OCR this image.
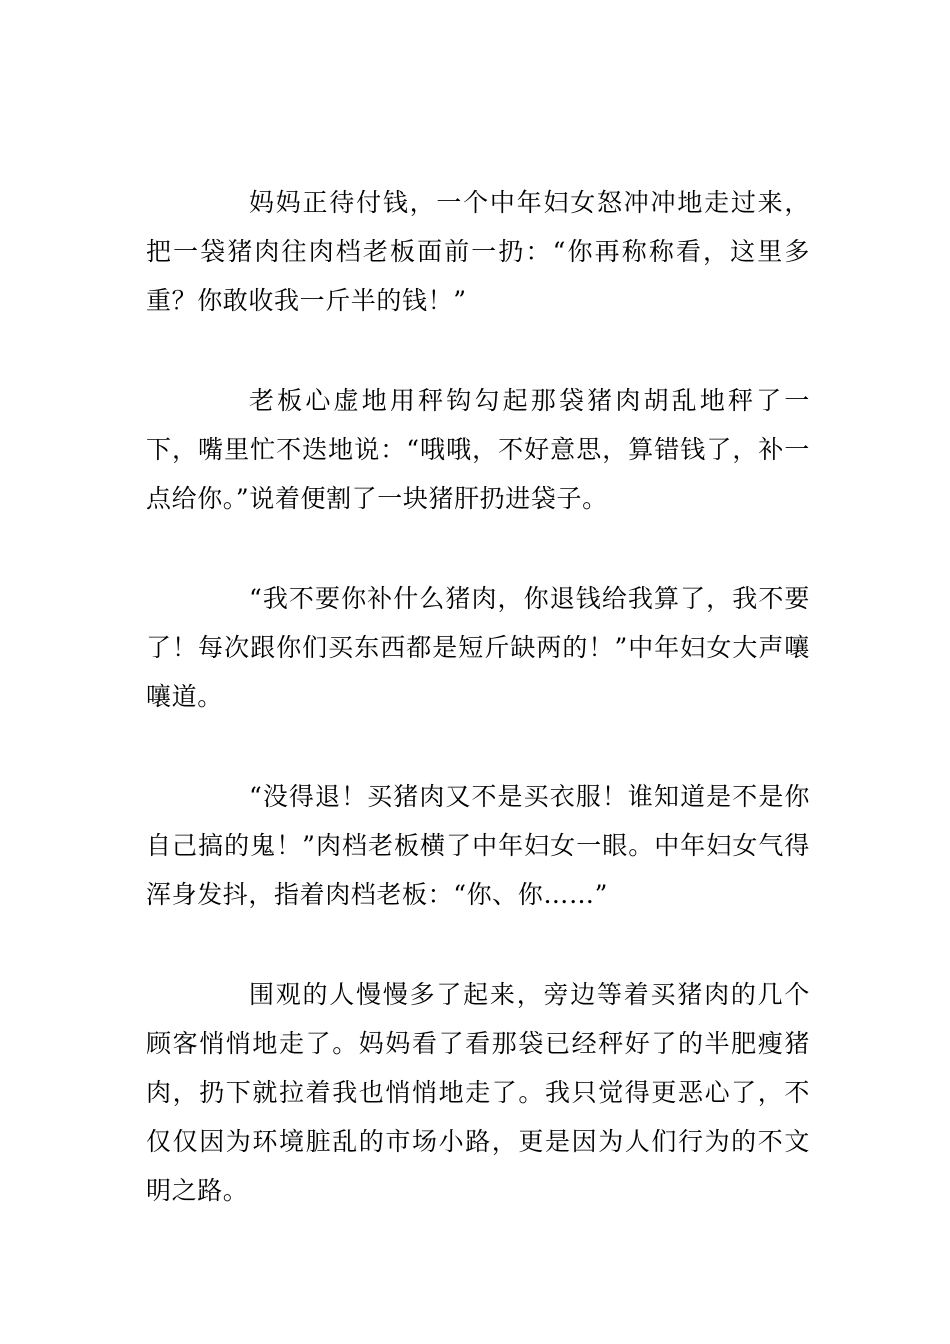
妈妈正待付钱，一个中年妇女怒冲冲地走过来，把一袋猪肉往肉档老板面前一扔：“你再称称看，这里多重？你敢收我一斤半的钱！”

老板心虚地用秤钩勾起那袋猪肉胡乱地秤了一下，嘴里忙不迭地说：“哦哦，不好意思，算错钱了，补一点给你。”说着便割了一块猪肝扔进袋子。

“我不要你补什么猪肉，你退钱给我算了，我不要了！每次跟你们买东西都是短斤缺两的！”中年妇女大声嚷嚷道。

“没得退！买猪肉又不是买衣服！谁知道是不是你自己搞的鬼！”肉档老板横了中年妇女一眼。中年妇女气得浑身发抖，指着肉档老板：“你、你……”

围观的人慢慢多了起来，旁边等着买猪肉的几个顾客悄悄地走了。妈妈看了看那袋已经秤好了的半肥瘦猪肉，扔下就拉着我也悄悄地走了。我只觉得更恶心了，不仅仅因为环境脏乱的市场小路，更是因为人们行为的不文明之路。
